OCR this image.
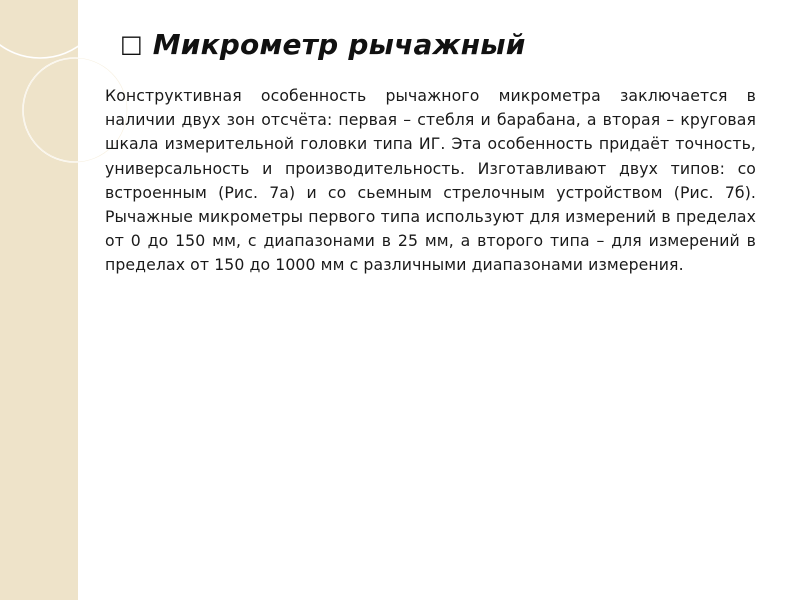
□ Микрометр рычажный

Конструктивная особенность рычажного микрометра заключается в наличии двух зон отсчёта: первая – стебля и барабана, а вторая – круговая шкала измерительной головки типа ИГ. Эта особенность придаёт точность, универсальность и производительность. Изготавливают двух типов: со встроенным (Рис. 7а) и со сьемным стрелочным устройством (Рис. 7б). Рычажные микрометры первого типа используют для измерений в пределах от 0 до 150 мм, с диапазонами в 25 мм, а второго типа – для измерений в пределах от 150 до 1000 мм с различными диапазонами измерения.
